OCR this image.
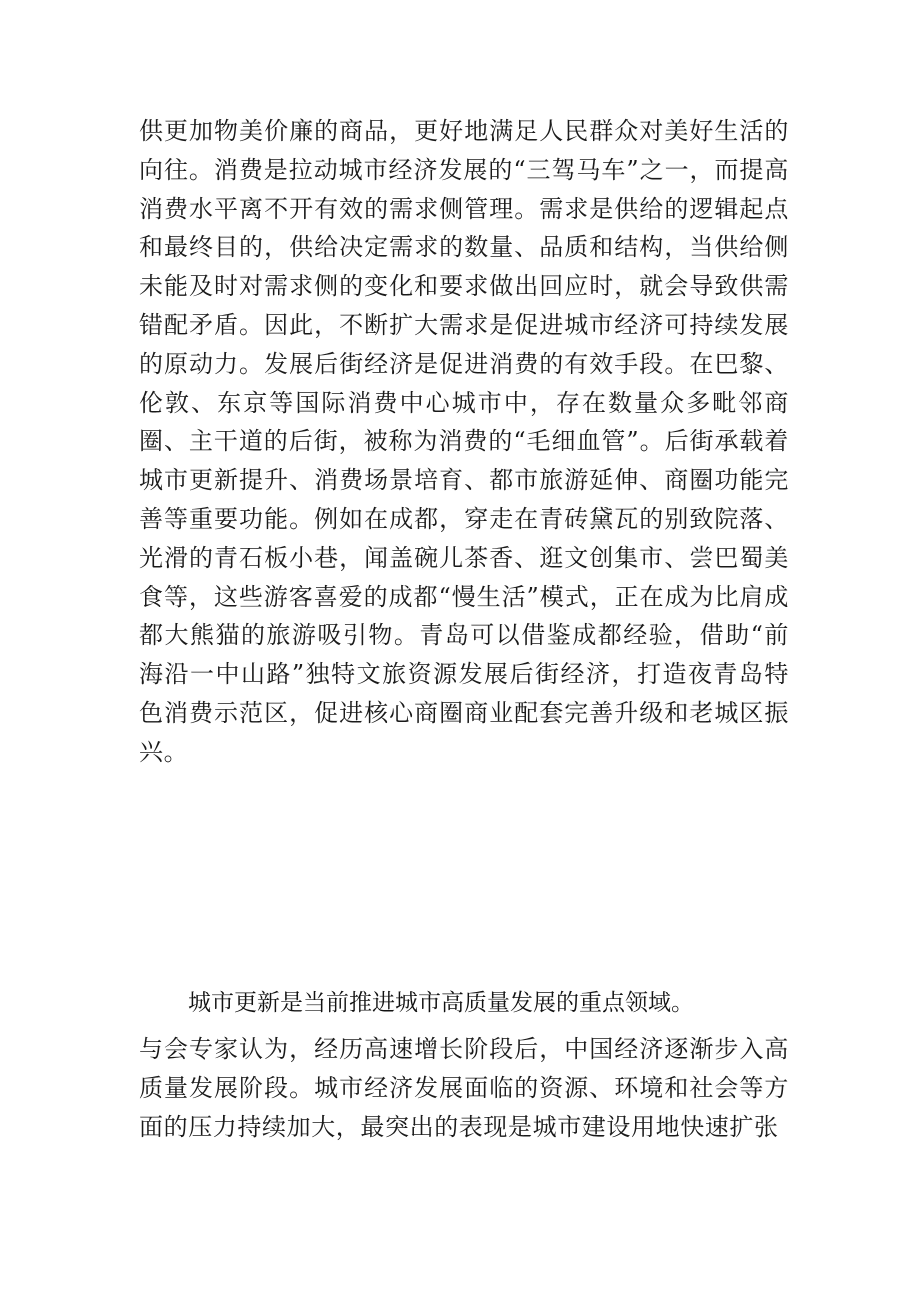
供更加物美价廉的商品，更好地满足人民群众对美好生活的向往。消费是拉动城市经济发展的“三驾马车”之一，而提高消费水平离不开有效的需求侧管理。需求是供给的逻辑起点和最终目的，供给决定需求的数量、品质和结构，当供给侧未能及时对需求侧的变化和要求做出回应时，就会导致供需错配矛盾。因此，不断扩大需求是促进城市经济可持续发展的原动力。发展后街经济是促进消费的有效手段。在巴黎、伦敦、东京等国际消费中心城市中，存在数量众多毗邻商圈、主干道的后街，被称为消费的“毛细血管”。后街承载着城市更新提升、消费场景培育、都市旅游延伸、商圈功能完善等重要功能。例如在成都，穿走在青砖黛瓦的别致院落、光滑的青石板小巷，闻盖碗儿茶香、逛文创集市、尝巴蜀美食等，这些游客喜爱的成都“慢生活”模式，正在成为比肩成都大熊猫的旅游吸引物。青岛可以借鉴成都经验，借助“前海沿一中山路”独特文旅资源发展后街经济，打造夜青岛特色消费示范区，促进核心商圈商业配套完善升级和老城区振兴。

城市更新是当前推进城市高质量发展的重点领域。

与会专家认为，经历高速增长阶段后，中国经济逐渐步入高质量发展阶段。城市经济发展面临的资源、环境和社会等方面的压力持续加大，最突出的表现是城市建设用地快速扩张
